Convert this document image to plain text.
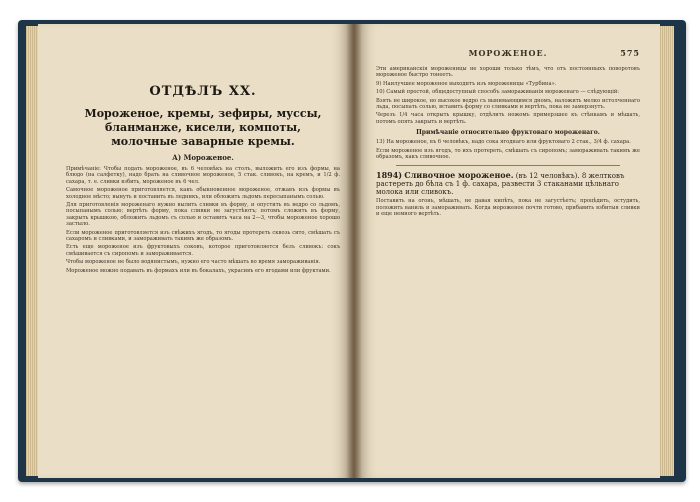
ОТДѢЛЪ XX.
Мороженое, кремы, зефиры, муссы, бланманже, кисели, компоты, молочные заварные кремы.
А) Мороженое.

Примѣчаніе: Чтобы подать мороженое, въ 6 человѣкъ на столъ, выложить его изъ формы, на блюдо (на салфетку), надо брать на сливочное мороженое, 5 стак. сливокъ, на кремъ, и 1/2 ф. сахара, т. е. сливки взбить, мороженое въ 6 чел.

Самочное мороженое приготовляется, какъ обыкновенное мороженое, отжавъ изъ формы въ холодное мѣсто; вынуть и поставить въ ледникъ, или обложить льдомъ пересыпанымъ солью.

Для приготовленія мороженаго нужно вылить сливки въ форму, и опустить въ ведро со льдомъ, посыпанымъ солью; вертѣть форму, пока сливки не загустѣютъ; потомъ сложить въ форму, закрыть крышкою, обложить льдомъ съ солью и оставить часа на 2—3, чтобы мороженое хорошо застыло.

Если мороженое приготовляется изъ свѣжихъ ягодъ, то ягоды протереть сквозь сито, смѣшать съ сахаромъ и сливками, и замораживать такимъ же образомъ.

Есть еще мороженое изъ фруктовыхъ соковъ, которое приготовляется безъ сливокъ: сокъ смѣшивается съ сиропомъ и замораживается.

Чтобы мороженое не было водянистымъ, нужно его часто мѣшать во время замораживанія.

Мороженое можно подавать въ формахъ или въ бокалахъ, украсивъ его ягодами или фруктами.

МОРОЖЕНОЕ.	575

Эти американскія мороженицы не хороши только тѣмъ, что отъ постоянныхъ поворотовъ мороженое быстро тонеетъ.

9) Наилучшее мороженое выходитъ изъ мороженицы «Турбина».

10) Самый простой, общедоступный способъ замораживанія мороженаго — слѣдующій:

Взять не широкое, но высокое ведро съ вынимающимся дномъ, наложить мелко истолченнаго льда, посыпать солью, вставить форму со сливками и вертѣть, пока не замерзнутъ.

Черезъ 1/4 часа открыть крышку, отдѣлить ножомъ примерзшее къ стѣнкамъ и мѣшать, потомъ опять закрыть и вертѣть.

Примѣчаніе относительно фруктоваго мороженаго.

13) На мороженое, въ 6 человѣкъ, надо сока ягоднаго или фруктоваго 2 стак., 3/4 ф. сахара.

Если мороженое изъ ягодъ, то ихъ протереть, смѣшать съ сиропомъ; замораживать такимъ же образомъ, какъ сливочное.

1894) Сливочное мороженое. (въ 12 человѣкъ). 8 желтковъ растереть до бѣла съ 1 ф. сахара, развести 3 стаканами цѣльнаго молока или сливокъ.

Поставить на огонь, мѣшать, не давая кипѣть, пока не загустѣетъ; процѣдить, остудить, положить ваниль и замораживать. Когда мороженое почти готово, прибавить взбитыя сливки и еще немного вертѣть.
